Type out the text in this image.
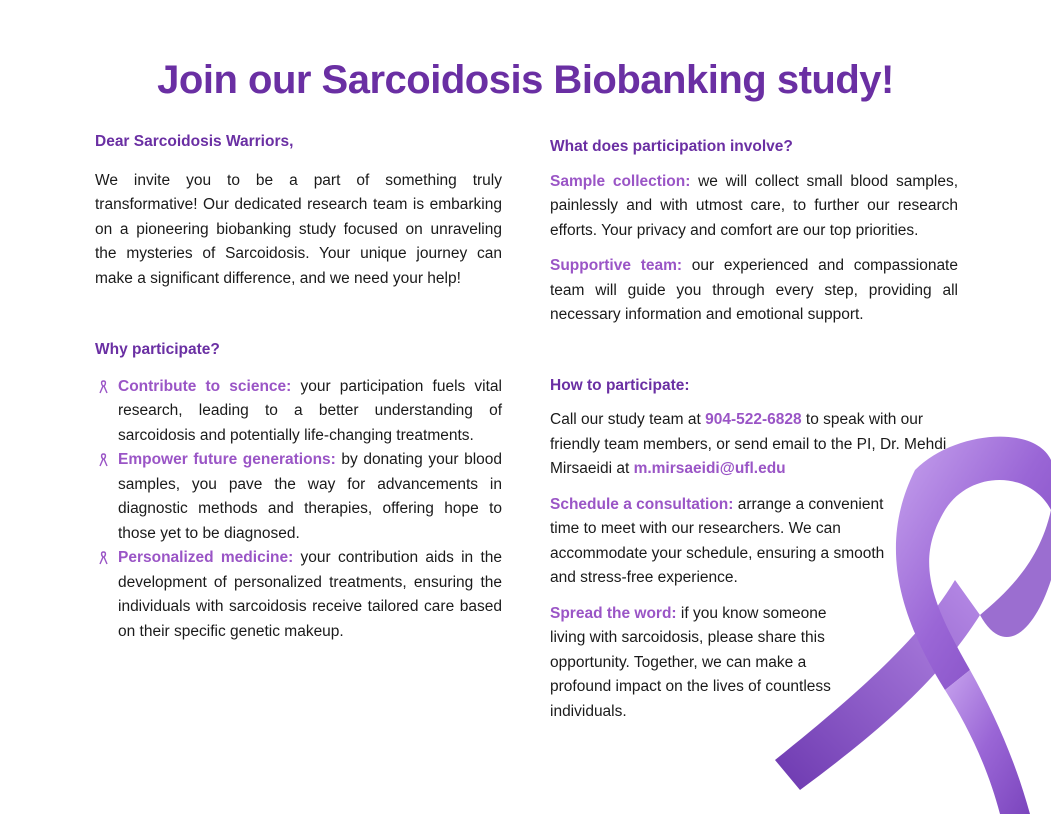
Join our Sarcoidosis Biobanking study!

Dear Sarcoidosis Warriors,

We invite you to be a part of something truly transformative! Our dedicated research team is embarking on a pioneering biobanking study focused on unraveling the mysteries of Sarcoidosis. Your unique journey can make a significant difference, and we need your help!

Why participate?

Contribute to science: your participation fuels vital research, leading to a better understanding of sarcoidosis and potentially life-changing treatments.
Empower future generations: by donating your blood samples, you pave the way for advancements in diagnostic methods and therapies, offering hope to those yet to be diagnosed.
Personalized medicine: your contribution aids in the development of personalized treatments, ensuring the individuals with sarcoidosis receive tailored care based on their specific genetic makeup.

What does participation involve?

Sample collection: we will collect small blood samples, painlessly and with utmost care, to further our research efforts. Your privacy and comfort are our top priorities.

Supportive team: our experienced and compassionate team will guide you through every step, providing all necessary information and emotional support.

How to participate:

Call our study team at 904-522-6828 to speak with our friendly team members, or send email to the PI, Dr. Mehdi Mirsaeidi at m.mirsaeidi@ufl.edu

Schedule a consultation: arrange a convenient time to meet with our researchers. We can accommodate your schedule, ensuring a smooth and stress-free experience.

Spread the word: if you know someone living with sarcoidosis, please share this opportunity. Together, we can make a profound impact on the lives of countless individuals.
